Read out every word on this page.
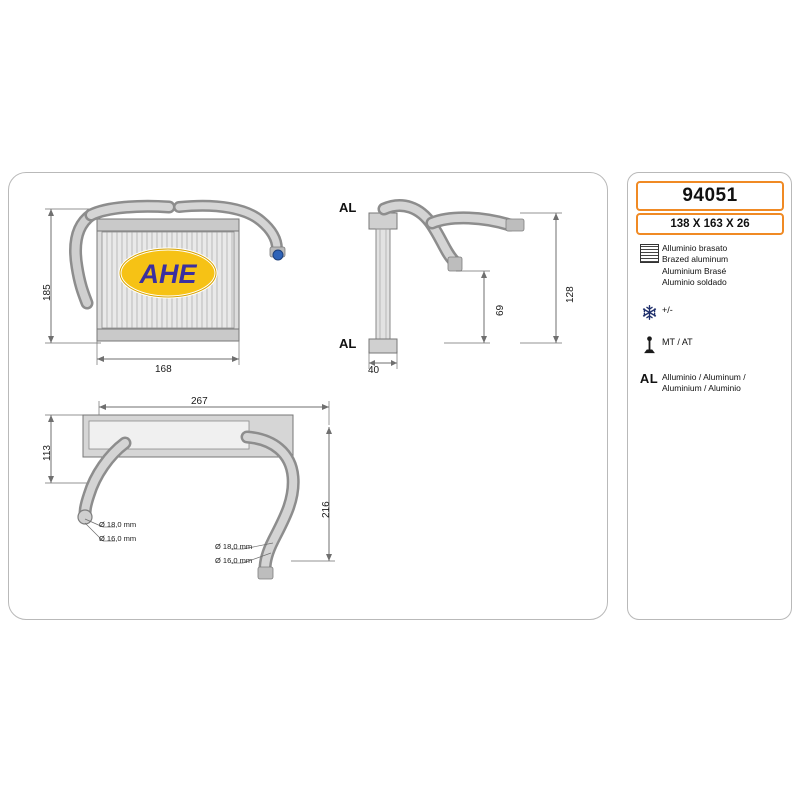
AHE
185
168
AL
AL
128
69
40
267
113
216
Ø 18,0 mm
Ø 16,0 mm
Ø 18,0 mm
Ø 16,0 mm
94051
138 X 163 X 26
Alluminio brasato
Brazed aluminum
Aluminium Brasé
Aluminio soldado
+/-
MT / AT
AL Alluminio / Aluminum /
Aluminium / Aluminio
